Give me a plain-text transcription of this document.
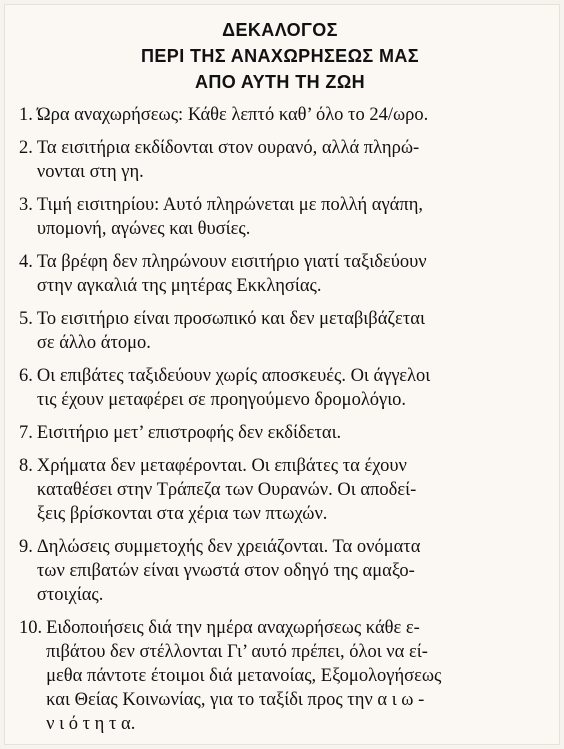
ΔΕΚΑΛΟΓΟΣ
ΠΕΡΙ ΤΗΣ ΑΝΑΧΩΡΗΣΕΩΣ ΜΑΣ
ΑΠΟ ΑΥΤΗ ΤΗ ΖΩΗ
1. Ώρα αναχωρήσεως: Κάθε λεπτό καθ’ όλο το 24/ωρο.
2. Τα εισιτήρια εκδίδονται στον ουρανό, αλλά πληρώ-
νονται στη γη.
3. Τιμή εισιτηρίου: Αυτό πληρώνεται με πολλή αγάπη,
υπομονή, αγώνες και θυσίες.
4. Τα βρέφη δεν πληρώνουν εισιτήριο γιατί ταξιδεύουν
στην αγκαλιά της μητέρας Εκκλησίας.
5. Το εισιτήριο είναι προσωπικό και δεν μεταβιβάζεται
σε άλλο άτομο.
6. Οι επιβάτες ταξιδεύουν χωρίς αποσκευές. Οι άγγελοι
τις έχουν μεταφέρει σε προηγούμενο δρομολόγιο.
7. Εισιτήριο μετ’ επιστροφής δεν εκδίδεται.
8. Χρήματα δεν μεταφέρονται. Οι επιβάτες τα έχουν
καταθέσει στην Τράπεζα των Ουρανών. Οι αποδεί-
ξεις βρίσκονται στα χέρια των πτωχών.
9. Δηλώσεις συμμετοχής δεν χρειάζονται. Τα ονόματα
των επιβατών είναι γνωστά στον οδηγό της αμαξο-
στοιχίας.
10. Ειδοποιήσεις διά την ημέρα αναχωρήσεως κάθε ε-
πιβάτου δεν στέλλονται Γι’ αυτό πρέπει, όλοι να εί-
μεθα πάντοτε έτοιμοι διά μετανοίας, Εξομολογήσεως
και Θείας Κοινωνίας, για το ταξίδι προς την α ι ω -
ν ι ό τ η τ α.
